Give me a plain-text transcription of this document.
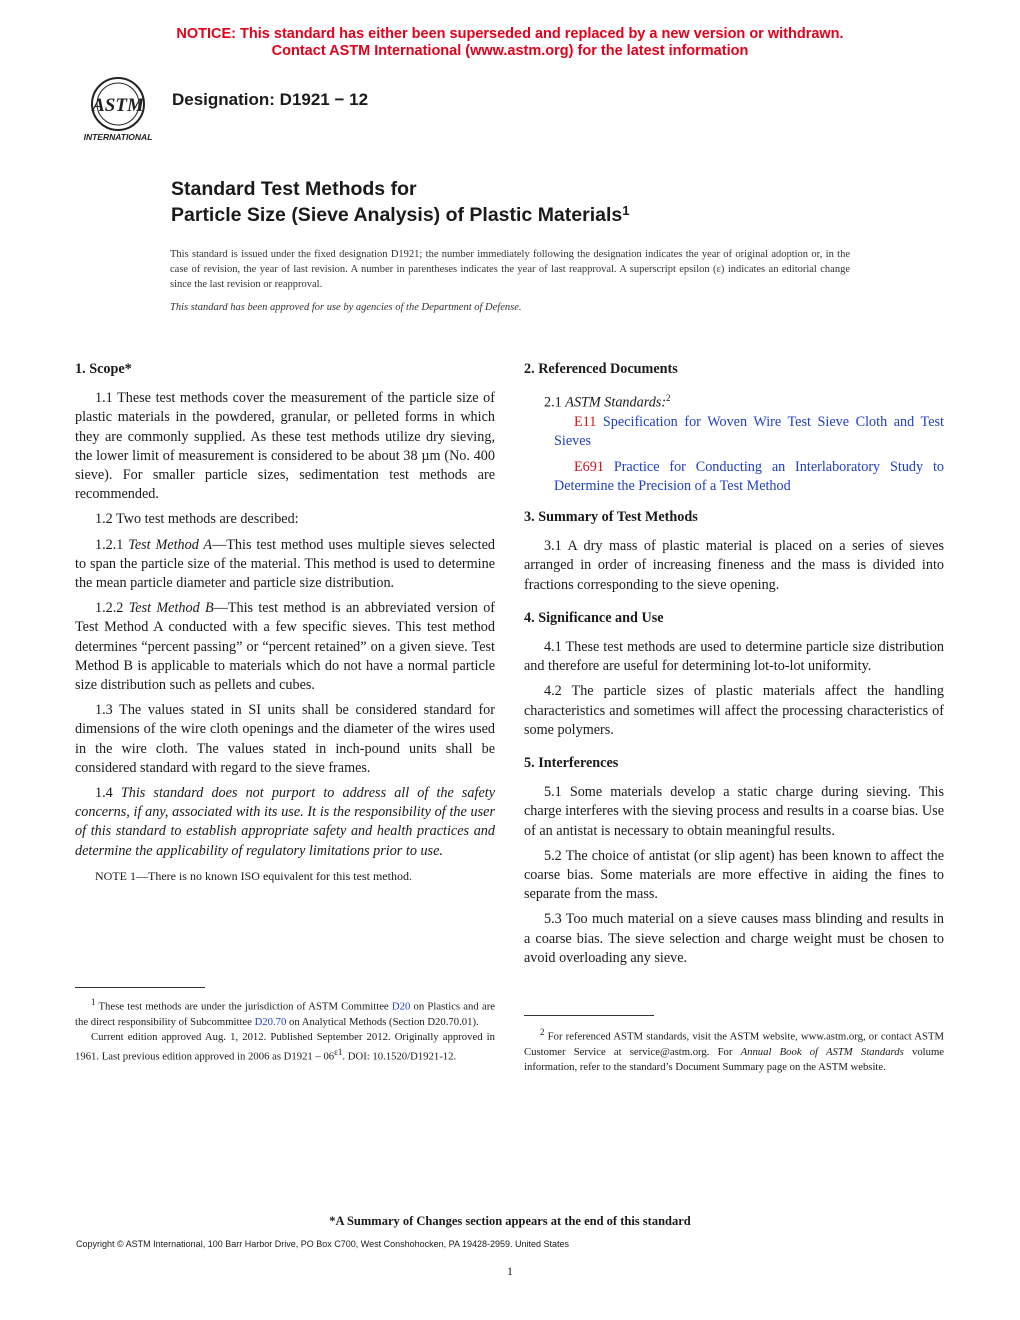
NOTICE: This standard has either been superseded and replaced by a new version or withdrawn.
Contact ASTM International (www.astm.org) for the latest information
ASTM
INTERNATIONAL
Designation: D1921 − 12
Standard Test Methods for
Particle Size (Sieve Analysis) of Plastic Materials$^1$
This standard is issued under the fixed designation D1921; the number immediately following the designation indicates the year of original adoption or, in the case of revision, the year of last revision. A number in parentheses indicates the year of last reapproval. A superscript epsilon (ε) indicates an editorial change since the last revision or reapproval.
This standard has been approved for use by agencies of the Department of Defense.
1. Scope*

1.1 These test methods cover the measurement of the particle size of plastic materials in the powdered, granular, or pelleted forms in which they are commonly supplied. As these test methods utilize dry sieving, the lower limit of measurement is considered to be about 38 µm (No. 400 sieve). For smaller particle sizes, sedimentation test methods are recommended.

1.2 Two test methods are described:

1.2.1 Test Method A—This test method uses multiple sieves selected to span the particle size of the material. This method is used to determine the mean particle diameter and particle size distribution.

1.2.2 Test Method B—This test method is an abbreviated version of Test Method A conducted with a few specific sieves. This test method determines “percent passing” or “percent retained” on a given sieve. Test Method B is applicable to materials which do not have a normal particle size distribution such as pellets and cubes.

1.3 The values stated in SI units shall be considered standard for dimensions of the wire cloth openings and the diameter of the wires used in the wire cloth. The values stated in inch-pound units shall be considered standard with regard to the sieve frames.

1.4 This standard does not purport to address all of the safety concerns, if any, associated with its use. It is the responsibility of the user of this standard to establish appropriate safety and health practices and determine the applicability of regulatory limitations prior to use.

NOTE 1—There is no known ISO equivalent for this test method.

2. Referenced Documents

2.1 ASTM Standards:$^2$

E11 Specification for Woven Wire Test Sieve Cloth and Test Sieves

E691 Practice for Conducting an Interlaboratory Study to Determine the Precision of a Test Method

3. Summary of Test Methods

3.1 A dry mass of plastic material is placed on a series of sieves arranged in order of increasing fineness and the mass is divided into fractions corresponding to the sieve opening.

4. Significance and Use

4.1 These test methods are used to determine particle size distribution and therefore are useful for determining lot-to-lot uniformity.

4.2 The particle sizes of plastic materials affect the handling characteristics and sometimes will affect the processing characteristics of some polymers.

5. Interferences

5.1 Some materials develop a static charge during sieving. This charge interferes with the sieving process and results in a coarse bias. Use of an antistat is necessary to obtain meaningful results.

5.2 The choice of antistat (or slip agent) has been known to affect the coarse bias. Some materials are more effective in aiding the fines to separate from the mass.

5.3 Too much material on a sieve causes mass blinding and results in a coarse bias. The sieve selection and charge weight must be chosen to avoid overloading any sieve.

$^1$ These test methods are under the jurisdiction of ASTM Committee D20 on Plastics and are the direct responsibility of Subcommittee D20.70 on Analytical Methods (Section D20.70.01).

Current edition approved Aug. 1, 2012. Published September 2012. Originally approved in 1961. Last previous edition approved in 2006 as $D1921 - 06^{\varepsilon 1}$. DOI: 10.1520/D1921-12.

$^2$ For referenced ASTM standards, visit the ASTM website, www.astm.org, or contact ASTM Customer Service at service@astm.org. For Annual Book of ASTM Standards volume information, refer to the standard’s Document Summary page on the ASTM website.

*A Summary of Changes section appears at the end of this standard
Copyright © ASTM International, 100 Barr Harbor Drive, PO Box C700, West Conshohocken, PA 19428-2959. United States
1
